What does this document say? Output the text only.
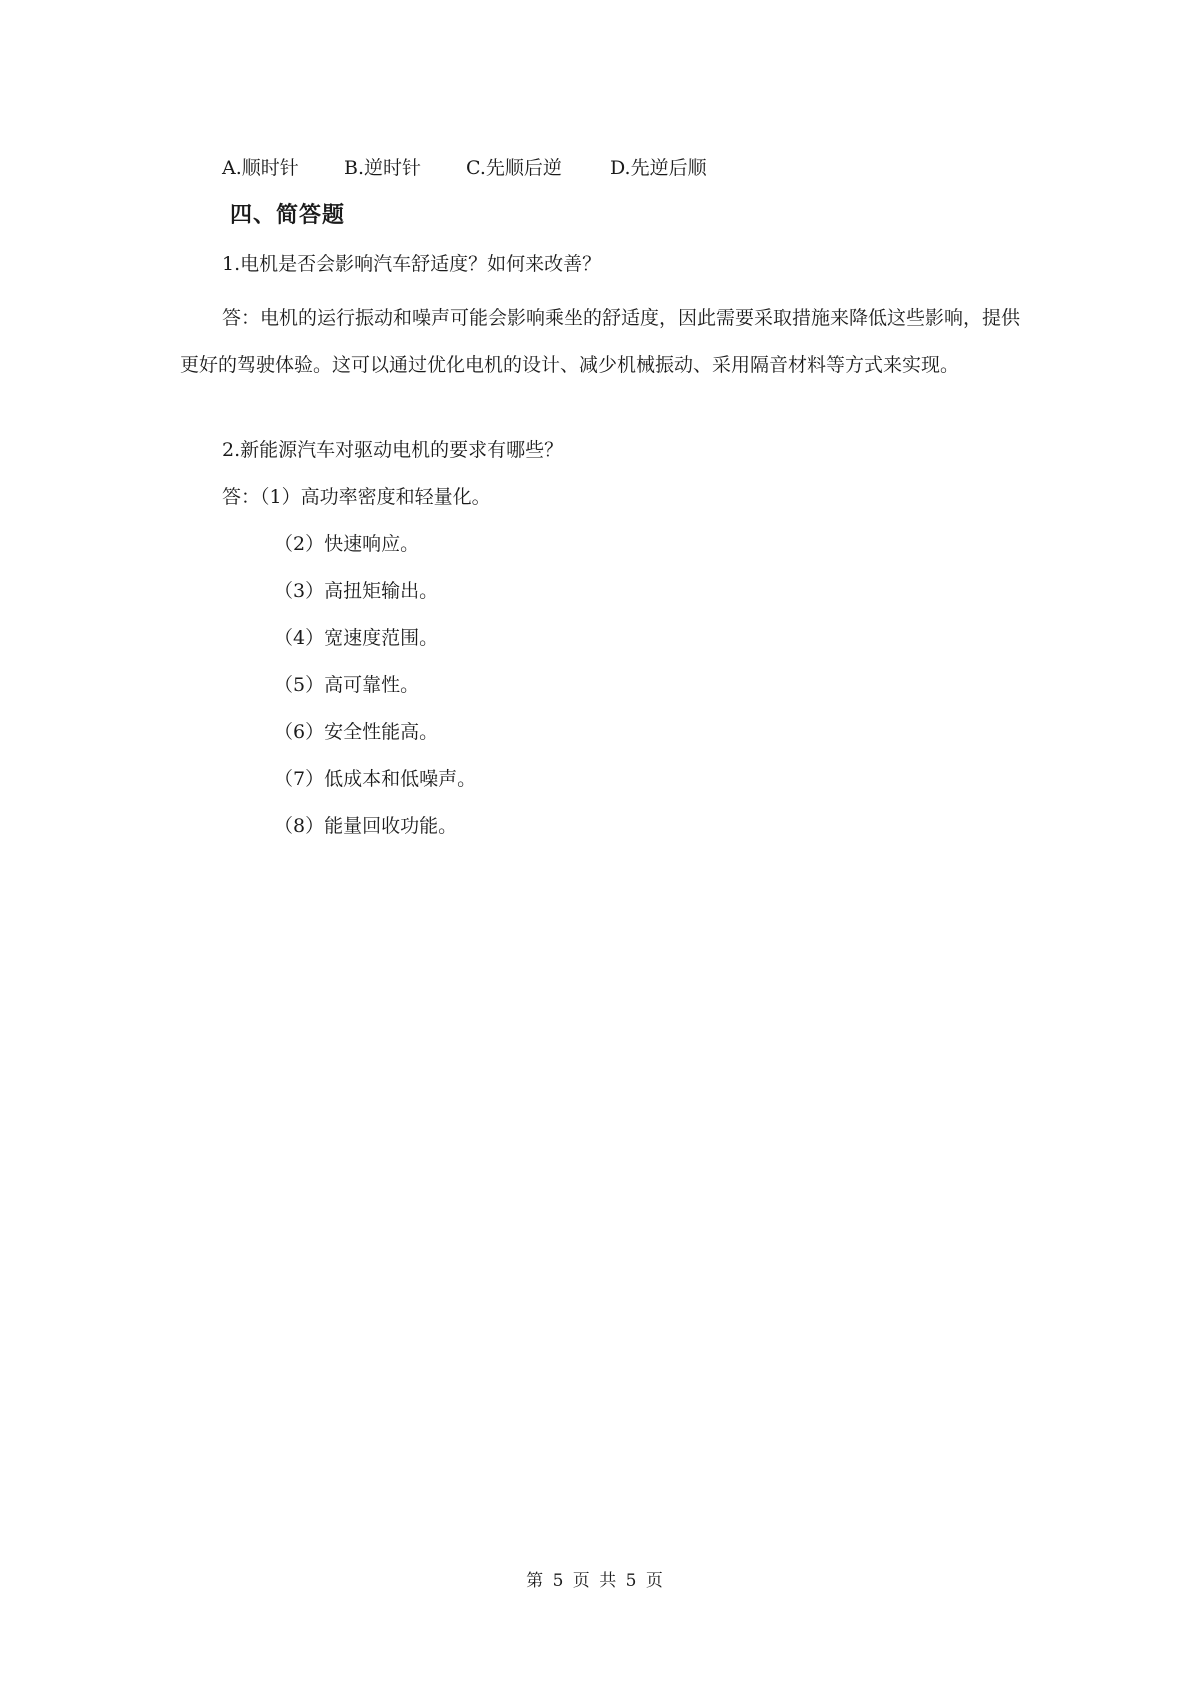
A.顺时针 B.逆时针 C.先顺后逆	D.先逆后顺
四、简答题
1.电机是否会影响汽车舒适度？如何来改善？
答：电机的运行振动和噪声可能会影响乘坐的舒适度，因此需要采取措施来降低这些影响，提供更好的驾驶体验。这可以通过优化电机的设计、减少机械振动、采用隔音材料等方式来实现。
2.新能源汽车对驱动电机的要求有哪些？
答：（1）高功率密度和轻量化。
（2）快速响应。
（3）高扭矩输出。
（4）宽速度范围。
（5）高可靠性。
（6）安全性能高。
（7）低成本和低噪声。
（8）能量回收功能。
第 5 页 共 5 页
